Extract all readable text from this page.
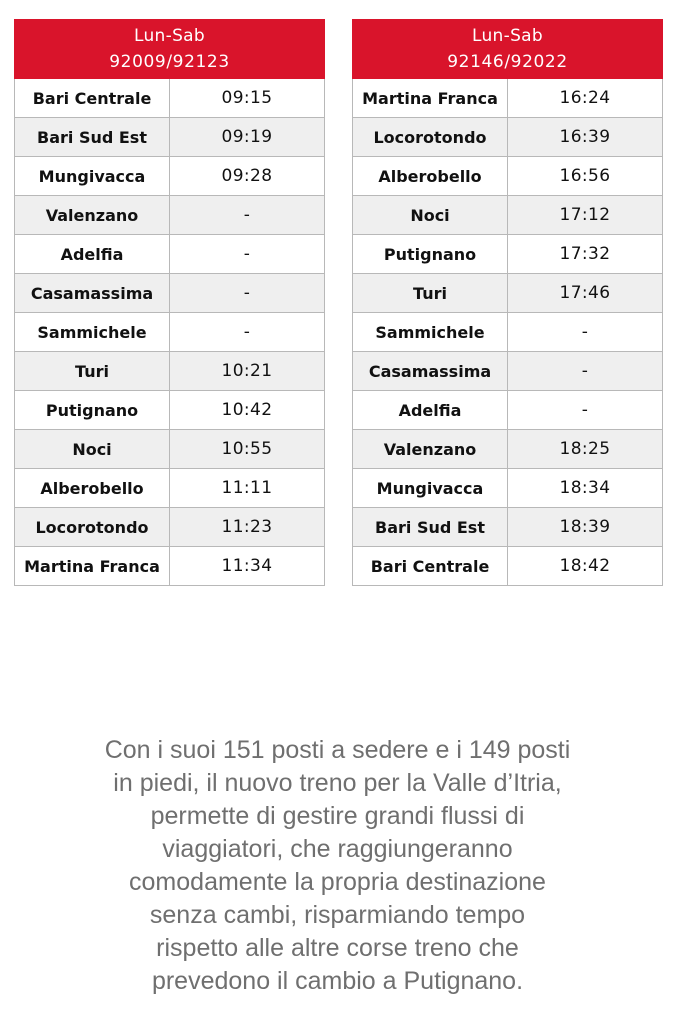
Lun-Sab
92009/92123	

Bari Centrale	09:15
Bari Sud Est	09:19
Mungivacca	09:28
Valenzano	-
Adelfia	-
Casamassima	-
Sammichele	-
Turi	10:21
Putignano	10:42
Noci	10:55
Alberobello	11:11
Locorotondo	11:23
Martina Franca	11:34
Lun-Sab
92146/92022	

Martina Franca	16:24
Locorotondo	16:39
Alberobello	16:56
Noci	17:12
Putignano	17:32
Turi	17:46
Sammichele	-
Casamassima	-
Adelfia	-
Valenzano	18:25
Mungivacca	18:34
Bari Sud Est	18:39
Bari Centrale	18:42
Con i suoi 151 posti a sedere e i 149 posti
in piedi, il nuovo treno per la Valle d’Itria,
permette di gestire grandi flussi di
viaggiatori, che raggiungeranno
comodamente la propria destinazione
senza cambi, risparmiando tempo
rispetto alle altre corse treno che
prevedono il cambio a Putignano.
